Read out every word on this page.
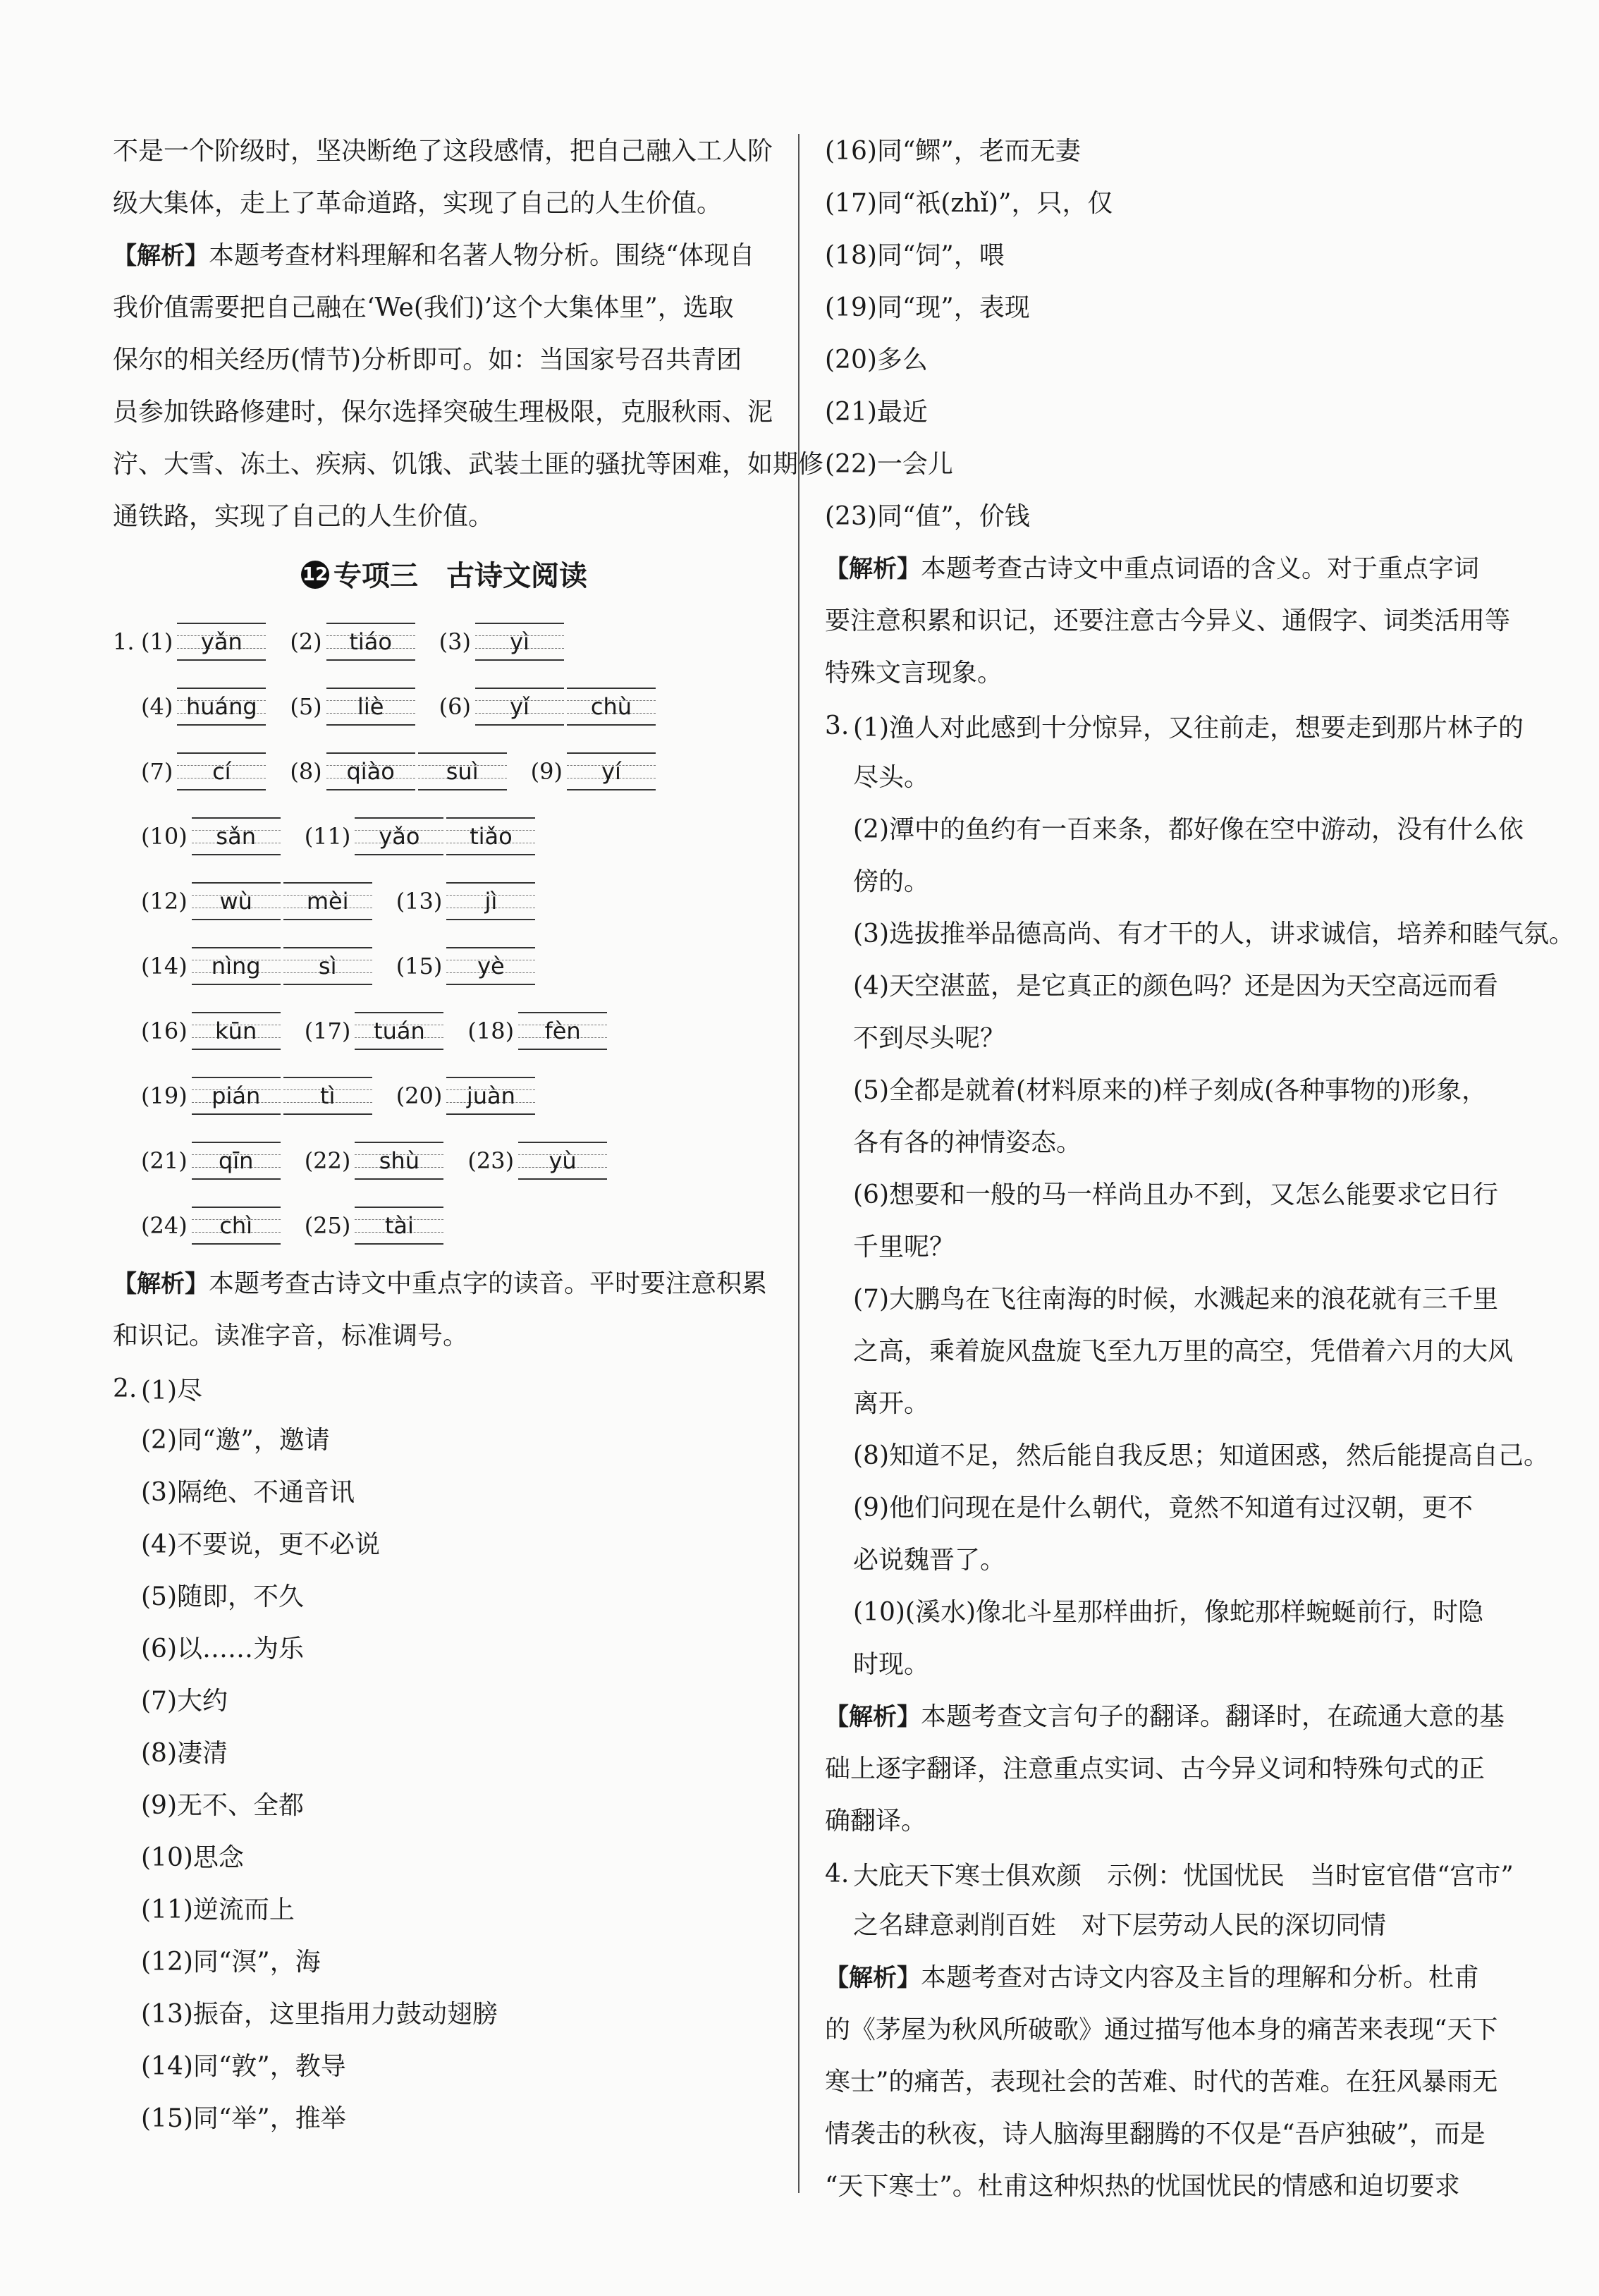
不是一个阶级时，坚决断绝了这段感情，把自己融入工人阶
级大集体，走上了革命道路，实现了自己的人生价值。
【解析】本题考查材料理解和名著人物分析。围绕“体现自
我价值需要把自己融在‘We(我们)’这个大集体里”，选取
保尔的相关经历(情节)分析即可。如：当国家号召共青团
员参加铁路修建时，保尔选择突破生理极限，克服秋雨、泥
泞、大雪、冻土、疾病、饥饿、武装土匪的骚扰等困难，如期修
通铁路，实现了自己的人生价值。
12 专项三　古诗文阅读
1. (1)	yǎn	(2)	tiáo	(3)	yì
(4) huáng	(5)	liè	(6)	yǐ	chù
(7)	cí	(8)	qiào	suì	(9)	yí
(10)	sǎn	(11)	yǎo	tiǎo
(12)	wù	mèi	(13)	jì
(14)	nìng	sì	(15)	yè
(16)	kūn	(17)	tuán	(18)	fèn
(19)	pián	tì	(20)	juàn
(21)	qīn	(22)	shù	(23)	yù
(24)	chì	(25)	tài
【解析】本题考查古诗文中重点字的读音。平时要注意积累
和识记。读准字音，标准调号。
2. (1)尽
(2)同“邀”，邀请
(3)隔绝、不通音讯
(4)不要说，更不必说
(5)随即，不久
(6)以……为乐
(7)大约
(8)凄清
(9)无不、全都
(10)思念
(11)逆流而上
(12)同“溟”，海
(13)振奋，这里指用力鼓动翅膀
(14)同“敦”，教导
(15)同“举”，推举
(16)同“鳏”，老而无妻
(17)同“祇(zhǐ)”，只，仅
(18)同“饲”，喂
(19)同“现”，表现
(20)多么
(21)最近
(22)一会儿
(23)同“值”，价钱
【解析】本题考查古诗文中重点词语的含义。对于重点字词
要注意积累和识记，还要注意古今异义、通假字、词类活用等
特殊文言现象。
3. (1)渔人对此感到十分惊异，又往前走，想要走到那片林子的
尽头。
(2)潭中的鱼约有一百来条，都好像在空中游动，没有什么依
傍的。
(3)选拔推举品德高尚、有才干的人，讲求诚信，培养和睦气氛。
(4)天空湛蓝，是它真正的颜色吗？还是因为天空高远而看
不到尽头呢？
(5)全都是就着(材料原来的)样子刻成(各种事物的)形象，
各有各的神情姿态。
(6)想要和一般的马一样尚且办不到，又怎么能要求它日行
千里呢？
(7)大鹏鸟在飞往南海的时候，水溅起来的浪花就有三千里
之高，乘着旋风盘旋飞至九万里的高空，凭借着六月的大风
离开。
(8)知道不足，然后能自我反思；知道困惑，然后能提高自己。
(9)他们问现在是什么朝代，竟然不知道有过汉朝，更不
必说魏晋了。
(10)(溪水)像北斗星那样曲折，像蛇那样蜿蜒前行，时隐
时现。
【解析】本题考查文言句子的翻译。翻译时，在疏通大意的基
础上逐字翻译，注意重点实词、古今异义词和特殊句式的正
确翻译。
4. 大庇天下寒士俱欢颜　示例：忧国忧民　当时宦官借“宫市”
之名肆意剥削百姓　对下层劳动人民的深切同情
【解析】本题考查对古诗文内容及主旨的理解和分析。杜甫
的《茅屋为秋风所破歌》通过描写他本身的痛苦来表现“天下
寒士”的痛苦，表现社会的苦难、时代的苦难。在狂风暴雨无
情袭击的秋夜，诗人脑海里翻腾的不仅是“吾庐独破”，而是
“天下寒士”。杜甫这种炽热的忧国忧民的情感和迫切要求
